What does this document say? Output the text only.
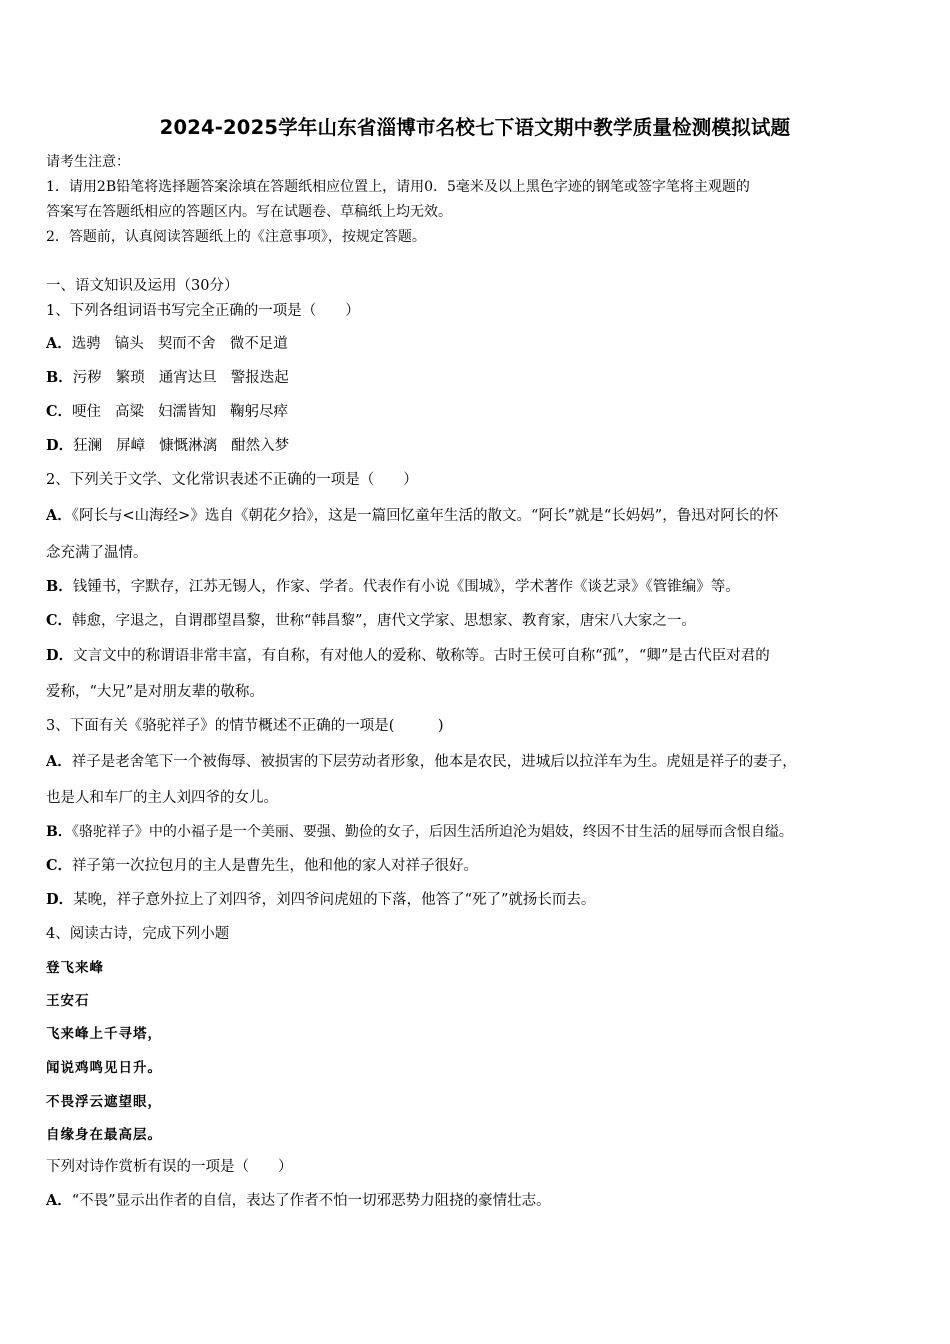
2024-2025学年山东省淄博市名校七下语文期中教学质量检测模拟试题
请考生注意：
1．请用2B铅笔将选择题答案涂填在答题纸相应位置上，请用0．5毫米及以上黑色字迹的钢笔或签字笔将主观题的
答案写在答题纸相应的答题区内。写在试题卷、草稿纸上均无效。
2．答题前，认真阅读答题纸上的《注意事项》，按规定答题。
一、语文知识及运用（30分）
1、下列各组词语书写完全正确的一项是（　　）
A．选骋 镐头 契而不舍 微不足道
B．污秽 繁琐 通宵达旦 警报迭起
C．哽住 高粱 妇濡皆知 鞠躬尽瘁
D．狂澜 屏嶂 慷慨淋漓 酣然入梦
2、下列关于文学、文化常识表述不正确的一项是（　　）
A．《阿长与<山海经>》选自《朝花夕拾》，这是一篇回忆童年生活的散文。“阿长”就是“长妈妈”，鲁迅对阿长的怀
念充满了温情。
B．钱锺书，字默存，江苏无锡人，作家、学者。代表作有小说《围城》，学术著作《谈艺录》《管锥编》等。
C．韩愈，字退之，自谓郡望昌黎，世称“韩昌黎”，唐代文学家、思想家、教育家，唐宋八大家之一。
D．文言文中的称谓语非常丰富，有自称，有对他人的爱称、敬称等。古时王侯可自称“孤”，“卿”是古代臣对君的
爱称，“大兄”是对朋友辈的敬称。
3、下面有关《骆驼祥子》的情节概述不正确的一项是(　　　)
A．祥子是老舍笔下一个被侮辱、被损害的下层劳动者形象，他本是农民，进城后以拉洋车为生。虎妞是祥子的妻子，
也是人和车厂的主人刘四爷的女儿。
B．《骆驼祥子》中的小福子是一个美丽、要强、勤俭的女子，后因生活所迫沦为娼妓，终因不甘生活的屈辱而含恨自缢。
C．祥子第一次拉包月的主人是曹先生，他和他的家人对祥子很好。
D．某晚，祥子意外拉上了刘四爷，刘四爷问虎妞的下落，他答了“死了”就扬长而去。
4、阅读古诗，完成下列小题
登飞来峰
王安石
飞来峰上千寻塔，
闻说鸡鸣见日升。
不畏浮云遮望眼，
自缘身在最高层。
下列对诗作赏析有误的一项是（　　）
A．“不畏”显示出作者的自信，表达了作者不怕一切邪恶势力阻挠的豪情壮志。
